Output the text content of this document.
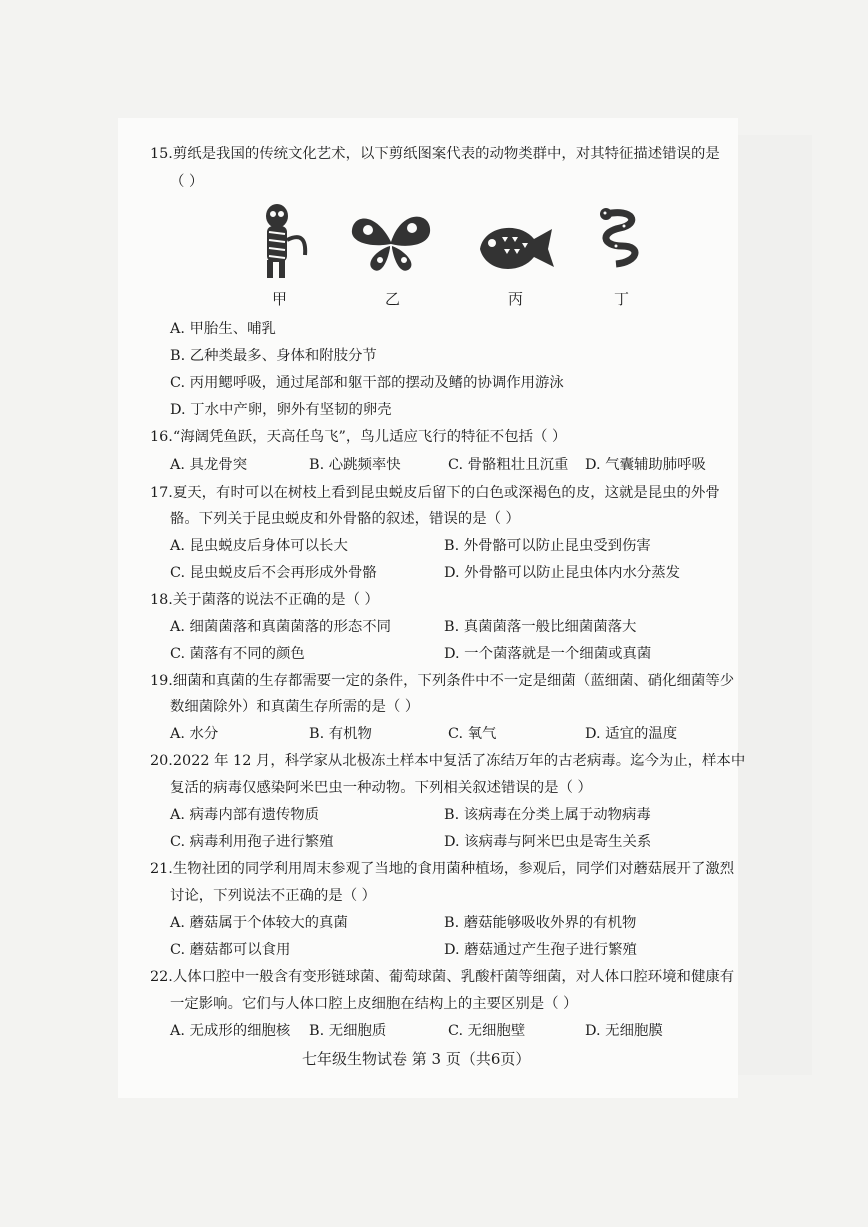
15.剪纸是我国的传统文化艺术，以下剪纸图案代表的动物类群中，对其特征描述错误的是
（ ）
甲	乙	丙	丁
A. 甲胎生、哺乳
B. 乙种类最多、身体和附肢分节
C. 丙用鳃呼吸，通过尾部和躯干部的摆动及鳍的协调作用游泳
D. 丁水中产卵，卵外有坚韧的卵壳
16.“海阔凭鱼跃，天高任鸟飞”，鸟儿适应飞行的特征不包括（ ）
A. 具龙骨突	B. 心跳频率快	C. 骨骼粗壮且沉重 D. 气囊辅助肺呼吸
17.夏天，有时可以在树枝上看到昆虫蜕皮后留下的白色或深褐色的皮，这就是昆虫的外骨
骼。下列关于昆虫蜕皮和外骨骼的叙述，错误的是（ ）
A. 昆虫蜕皮后身体可以长大	B. 外骨骼可以防止昆虫受到伤害
C. 昆虫蜕皮后不会再形成外骨骼	D. 外骨骼可以防止昆虫体内水分蒸发
18.关于菌落的说法不正确的是（ ）
A. 细菌菌落和真菌菌落的形态不同	B. 真菌菌落一般比细菌菌落大
C. 菌落有不同的颜色	D. 一个菌落就是一个细菌或真菌
19.细菌和真菌的生存都需要一定的条件，下列条件中不一定是细菌（蓝细菌、硝化细菌等少
数细菌除外）和真菌生存所需的是（ ）
A. 水分	B. 有机物	C. 氧气	D. 适宜的温度
20.2022 年 12 月，科学家从北极冻土样本中复活了冻结万年的古老病毒。迄今为止，样本中
复活的病毒仅感染阿米巴虫一种动物。下列相关叙述错误的是（ ）
A. 病毒内部有遗传物质	B. 该病毒在分类上属于动物病毒
C. 病毒利用孢子进行繁殖	D. 该病毒与阿米巴虫是寄生关系
21.生物社团的同学利用周末参观了当地的食用菌种植场，参观后，同学们对蘑菇展开了激烈
讨论，下列说法不正确的是（ ）
A. 蘑菇属于个体较大的真菌	B. 蘑菇能够吸收外界的有机物
C. 蘑菇都可以食用	D. 蘑菇通过产生孢子进行繁殖
22.人体口腔中一般含有变形链球菌、葡萄球菌、乳酸杆菌等细菌，对人体口腔环境和健康有
一定影响。它们与人体口腔上皮细胞在结构上的主要区别是（ ）
A. 无成形的细胞核 B. 无细胞质	C. 无细胞壁	D. 无细胞膜
七年级生物试卷 第 3 页（共6页）
